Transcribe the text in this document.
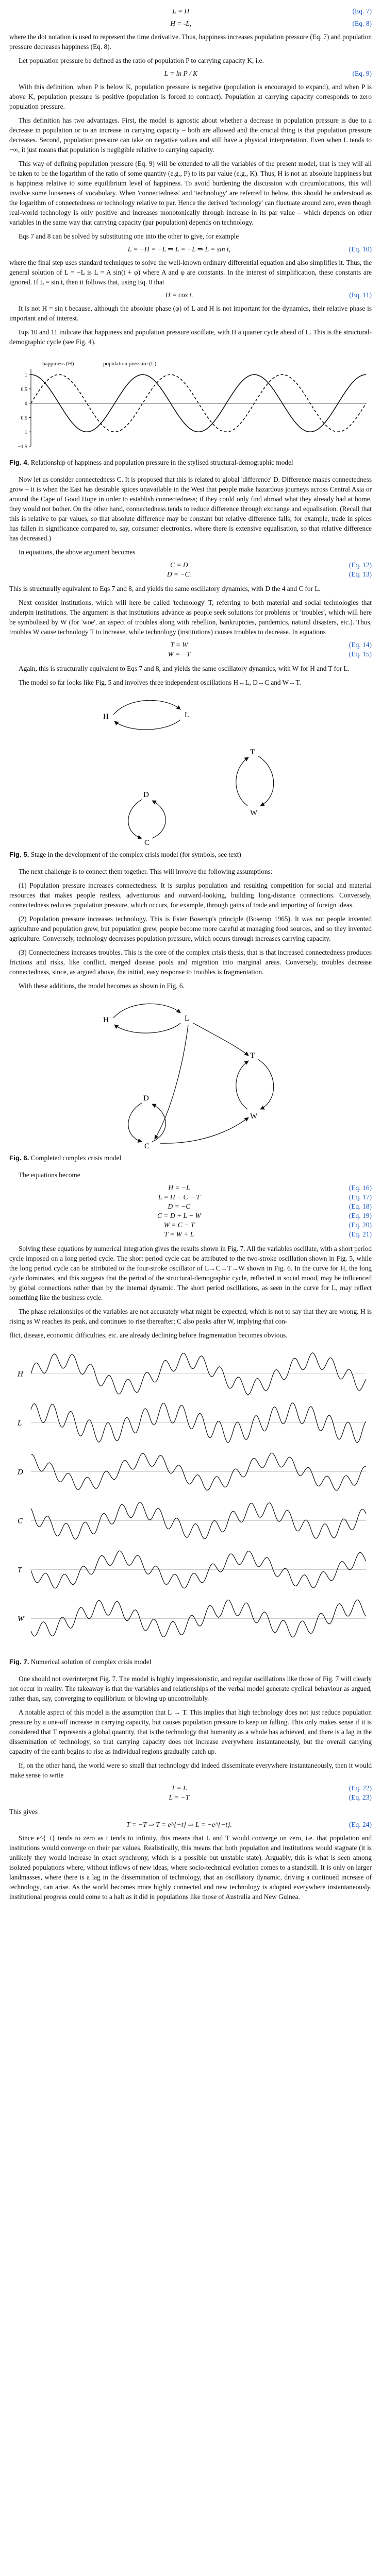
L = H	(Eq. 7)
H = -L,	(Eq. 8)

where the dot notation is used to represent the time derivative. Thus, happiness increases population pressure (Eq. 7) and population pressure decreases happiness (Eq. 8).

Let population pressure be defined as the ratio of population P to carrying capacity K, i.e.

L = ln P / K	(Eq. 9)

With this definition, when P is below K, population pressure is negative (population is encouraged to expand), and when P is above K, population pressure is positive (population is forced to contract). Population at carrying capacity corresponds to zero population pressure.

This definition has two advantages. First, the model is agnostic about whether a decrease in population pressure is due to a decrease in population or to an increase in carrying capacity – both are allowed and the crucial thing is that population pressure decreases. Second, population pressure can take on negative values and still have a physical interpretation. Even when L tends to −∞, it just means that population is negligible relative to carrying capacity.

This way of defining population pressure (Eq. 9) will be extended to all the variables of the present model, that is they will all be taken to be the logarithm of the ratio of some quantity (e.g., P) to its par value (e.g., K). Thus, H is not an absolute happiness but is happiness relative to some equilibrium level of happiness. To avoid burdening the discussion with circumlocutions, this will involve some looseness of vocabulary. When 'connectedness' and 'technology' are referred to below, this should be understood as the logarithm of connectedness or technology relative to par. Hence the derived 'technology' can fluctuate around zero, even though real-world technology is only positive and increases monotonically through increase in its par value – which depends on other variables in the same way that carrying capacity (par population) depends on technology.

Eqs 7 and 8 can be solved by substituting one into the other to give, for example

L = −H = −L ⇒ L = −L ⇒ L = sin t,	(Eq. 10)

where the final step uses standard techniques to solve the well-known ordinary differential equation and also simplifies it. Thus, the general solution of L = −L is L = A sin(t + φ) where A and φ are constants. In the interest of simplification, these constants are ignored. If L = sin t, then it follows that, using Eq. 8 that

H = cos t.	(Eq. 11)

It is not H = sin t because, although the absolute phase (φ) of L and H is not important for the dynamics, their relative phase is important and of interest.

Eqs 10 and 11 indicate that happiness and population pressure oscillate, with H a quarter cycle ahead of L. This is the structural-demographic cycle (see Fig. 4).

1
0.5
0
−0.5
−1
−1.5
happiness (H)	population pressure (L)
Fig. 4. Relationship of happiness and population pressure in the stylised structural-demographic model

Now let us consider connectedness C. It is proposed that this is related to global 'difference' D. Difference makes connectedness grow – it is when the East has desirable spices unavailable in the West that people make hazardous journeys across Central Asia or around the Cape of Good Hope in order to establish connectedness; if they could only find abroad what they already had at home, they would not bother. On the other hand, connectedness tends to reduce difference through exchange and equalisation. (Recall that this is relative to par values, so that absolute difference may be constant but relative difference falls; for example, trade in spices has fallen in significance compared to, say, consumer electronics, where there is extensive equalisation, so that relative difference has decreased.)

In equations, the above argument becomes

C = D	(Eq. 12)
D = −C.	(Eq. 13)

This is structurally equivalent to Eqs 7 and 8, and yields the same oscillatory dynamics, with D the 4 and C for L.

Next consider institutions, which will here be called 'technology' T, referring to both material and social technologies that underpin institutions. The argument is that institutions advance as people seek solutions for problems or 'troubles', which will here be symbolised by W (for 'woe', an aspect of troubles along with rebellion, bankruptcies, pandemics, natural disasters, etc.). Thus, troubles W cause technology T to increase, while technology (institutions) causes troubles to decrease. In equations

T = W	(Eq. 14)
W = −T	(Eq. 15)

Again, this is structurally equivalent to Eqs 7 and 8, and yields the same oscillatory dynamics, with W for H and T for L.

The model so far looks like Fig. 5 and involves three independent oscillations H↔L, D↔C and W↔T.

H	L
D
C
T
W
Fig. 5. Stage in the development of the complex crisis model (for symbols, see text)

The next challenge is to connect them together. This will involve the following assumptions:

(1) Population pressure increases connectedness. It is surplus population and resulting competition for social and material resources that makes people restless, adventurous and outward-looking, building long-distance connections. Conversely, connectedness reduces population pressure, which occurs, for example, through gains of trade and importing of foreign ideas.

(2) Population pressure increases technology. This is Ester Boserup's principle (Boserup 1965). It was not people invented agriculture and population grew, but population grew, people become more careful at managing food sources, and so they invented agriculture. Conversely, technology decreases population pressure, which occurs through increases carrying capacity.

(3) Connectedness increases troubles. This is the core of the complex crisis thesis, that is that increased connectedness produces frictions and risks, like conflict, merged disease pools and migration into marginal areas. Conversely, troubles decrease connectedness, since, as argued above, the initial, easy response to troubles is fragmentation.

With these additions, the model becomes as shown in Fig. 6.

H	L
D
C
T
W
Fig. 6. Completed complex crisis model

The equations become

H = −L	(Eq. 16)
L = H − C − T	(Eq. 17)
D = −C	(Eq. 18)
C = D + L − W	(Eq. 19)
W = C − T	(Eq. 20)
T = W + L	(Eq. 21)

Solving these equations by numerical integration gives the results shown in Fig. 7. All the variables oscillate, with a short period cycle imposed on a long period cycle. The short period cycle can be attributed to the two-stroke oscillation shown in Fig. 5, while the long period cycle can be attributed to the four-stroke oscillator of L→C→T→W shown in Fig. 6. In the curve for H, the long cycle dominates, and this suggests that the period of the structural-demographic cycle, reflected in social mood, may be influenced by global connections rather than by the internal dynamic. The short period oscillations, as seen in the curve for L, may reflect something like the business cycle.

The phase relationships of the variables are not accurately what might be expected, which is not to say that they are wrong. H is rising as W reaches its peak, and continues to rise thereafter; C also peaks after W, implying that con-

flict, disease, economic difficulties, etc. are already declining before fragmentation becomes obvious.

H
L
D
C
T
W
Fig. 7. Numerical solution of complex crisis model

One should not overinterpret Fig. 7. The model is highly impressionistic, and regular oscillations like those of Fig. 7 will clearly not occur in reality. The takeaway is that the variables and relationships of the verbal model generate cyclical behaviour as argued, rather than, say, converging to equilibrium or blowing up uncontrollably.

A notable aspect of this model is the assumption that L → T. This implies that high technology does not just reduce population pressure by a one-off increase in carrying capacity, but causes population pressure to keep on falling. This only makes sense if it is considered that T represents a global quantity, that is the technology that humanity as a whole has achieved, and there is a lag in the dissemination of technology, so that carrying capacity does not increase everywhere instantaneously, but the overall carrying capacity of the earth begins to rise as individual regions gradually catch up.

If, on the other hand, the world were so small that technology did indeed disseminate everywhere instantaneously, then it would make sense to write

T = L	(Eq. 22)
L = −T	(Eq. 23)

This gives

T = −T ⇒ T = e^{−t} ⇒ L = −e^{−t}.	(Eq. 24)

Since e^{−t} tends to zero as t tends to infinity, this means that L and T would converge on zero, i.e. that population and institutions would converge on their par values. Realistically, this means that both population and institutions would stagnate (it is unlikely they would increase in exact synchrony, which is a possible but unstable state). Arguably, this is what is seen among isolated populations where, without inflows of new ideas, where socio-technical evolution comes to a standstill. It is only on larger landmasses, where there is a lag in the dissemination of technology, that an oscillatory dynamic, driving a continued increase of technology, can arise. As the world becomes more highly connected and new technology is adopted everywhere instantaneously, institutional progress could come to a halt as it did in populations like those of Australia and New Guinea.
